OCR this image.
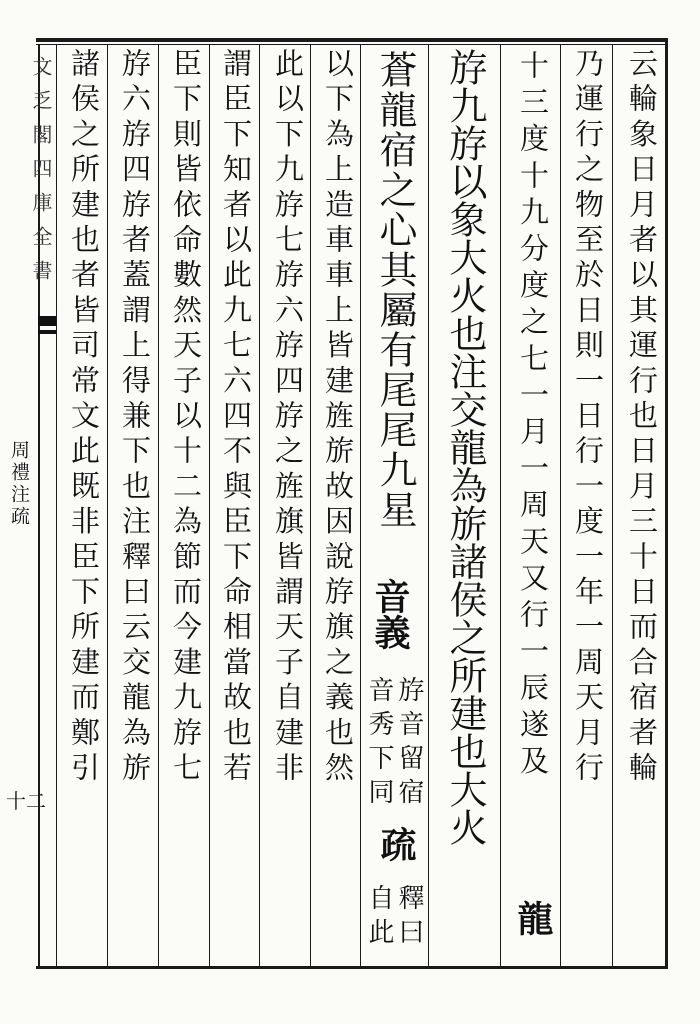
文乏閣四庫全書
周禮注疏
十二
云輪象日月者以其運行也日月三十日而合宿者輪
乃運行之物至於日則一日行一度一年一周天月行
十三度十九分度之七一月一周天又行一辰遂及
龍
斿九斿以象大火也注交龍為旂諸侯之所建也大火
蒼龍宿之心其屬有尾尾九星
音義
斿音留宿
音秀下同
疏
釋曰
自此
以下為上造車車上皆建旌旂故因說斿旗之義也然
此以下九斿七斿六斿四斿之旌旗皆謂天子自建非
謂臣下知者以此九七六四不與臣下命相當故也若
臣下則皆依命數然天子以十二為節而今建九斿七
斿六斿四斿者蓋謂上得兼下也注釋曰云交龍為旂
諸侯之所建也者皆司常文此既非臣下所建而鄭引
